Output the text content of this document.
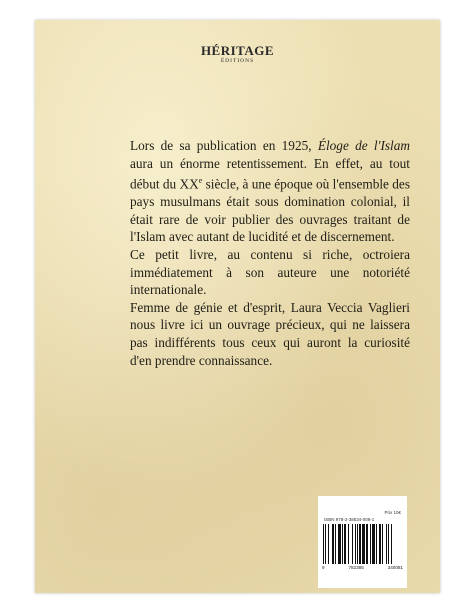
HÉRITAGE
ÉDITIONS

Lors de sa publication en 1925, Éloge de l'Islam aura un énorme retentissement. En effet, au tout début du XXe siècle, à une époque où l'ensemble des pays musulmans était sous domination colonial, il était rare de voir publier des ouvrages traitant de l'Islam avec autant de lucidité et de discernement.

Ce petit livre, au contenu si riche, octroiera immédiatement à son auteure une notoriété internationale.

Femme de génie et d'esprit, Laura Veccia Vaglieri nous livre ici un ouvrage précieux, qui ne laissera pas indifférents tous ceux qui auront la curiosité d'en prendre connaissance.

Prix 10€
ISBN 978-2-38534-008-1
9	782385	340081
